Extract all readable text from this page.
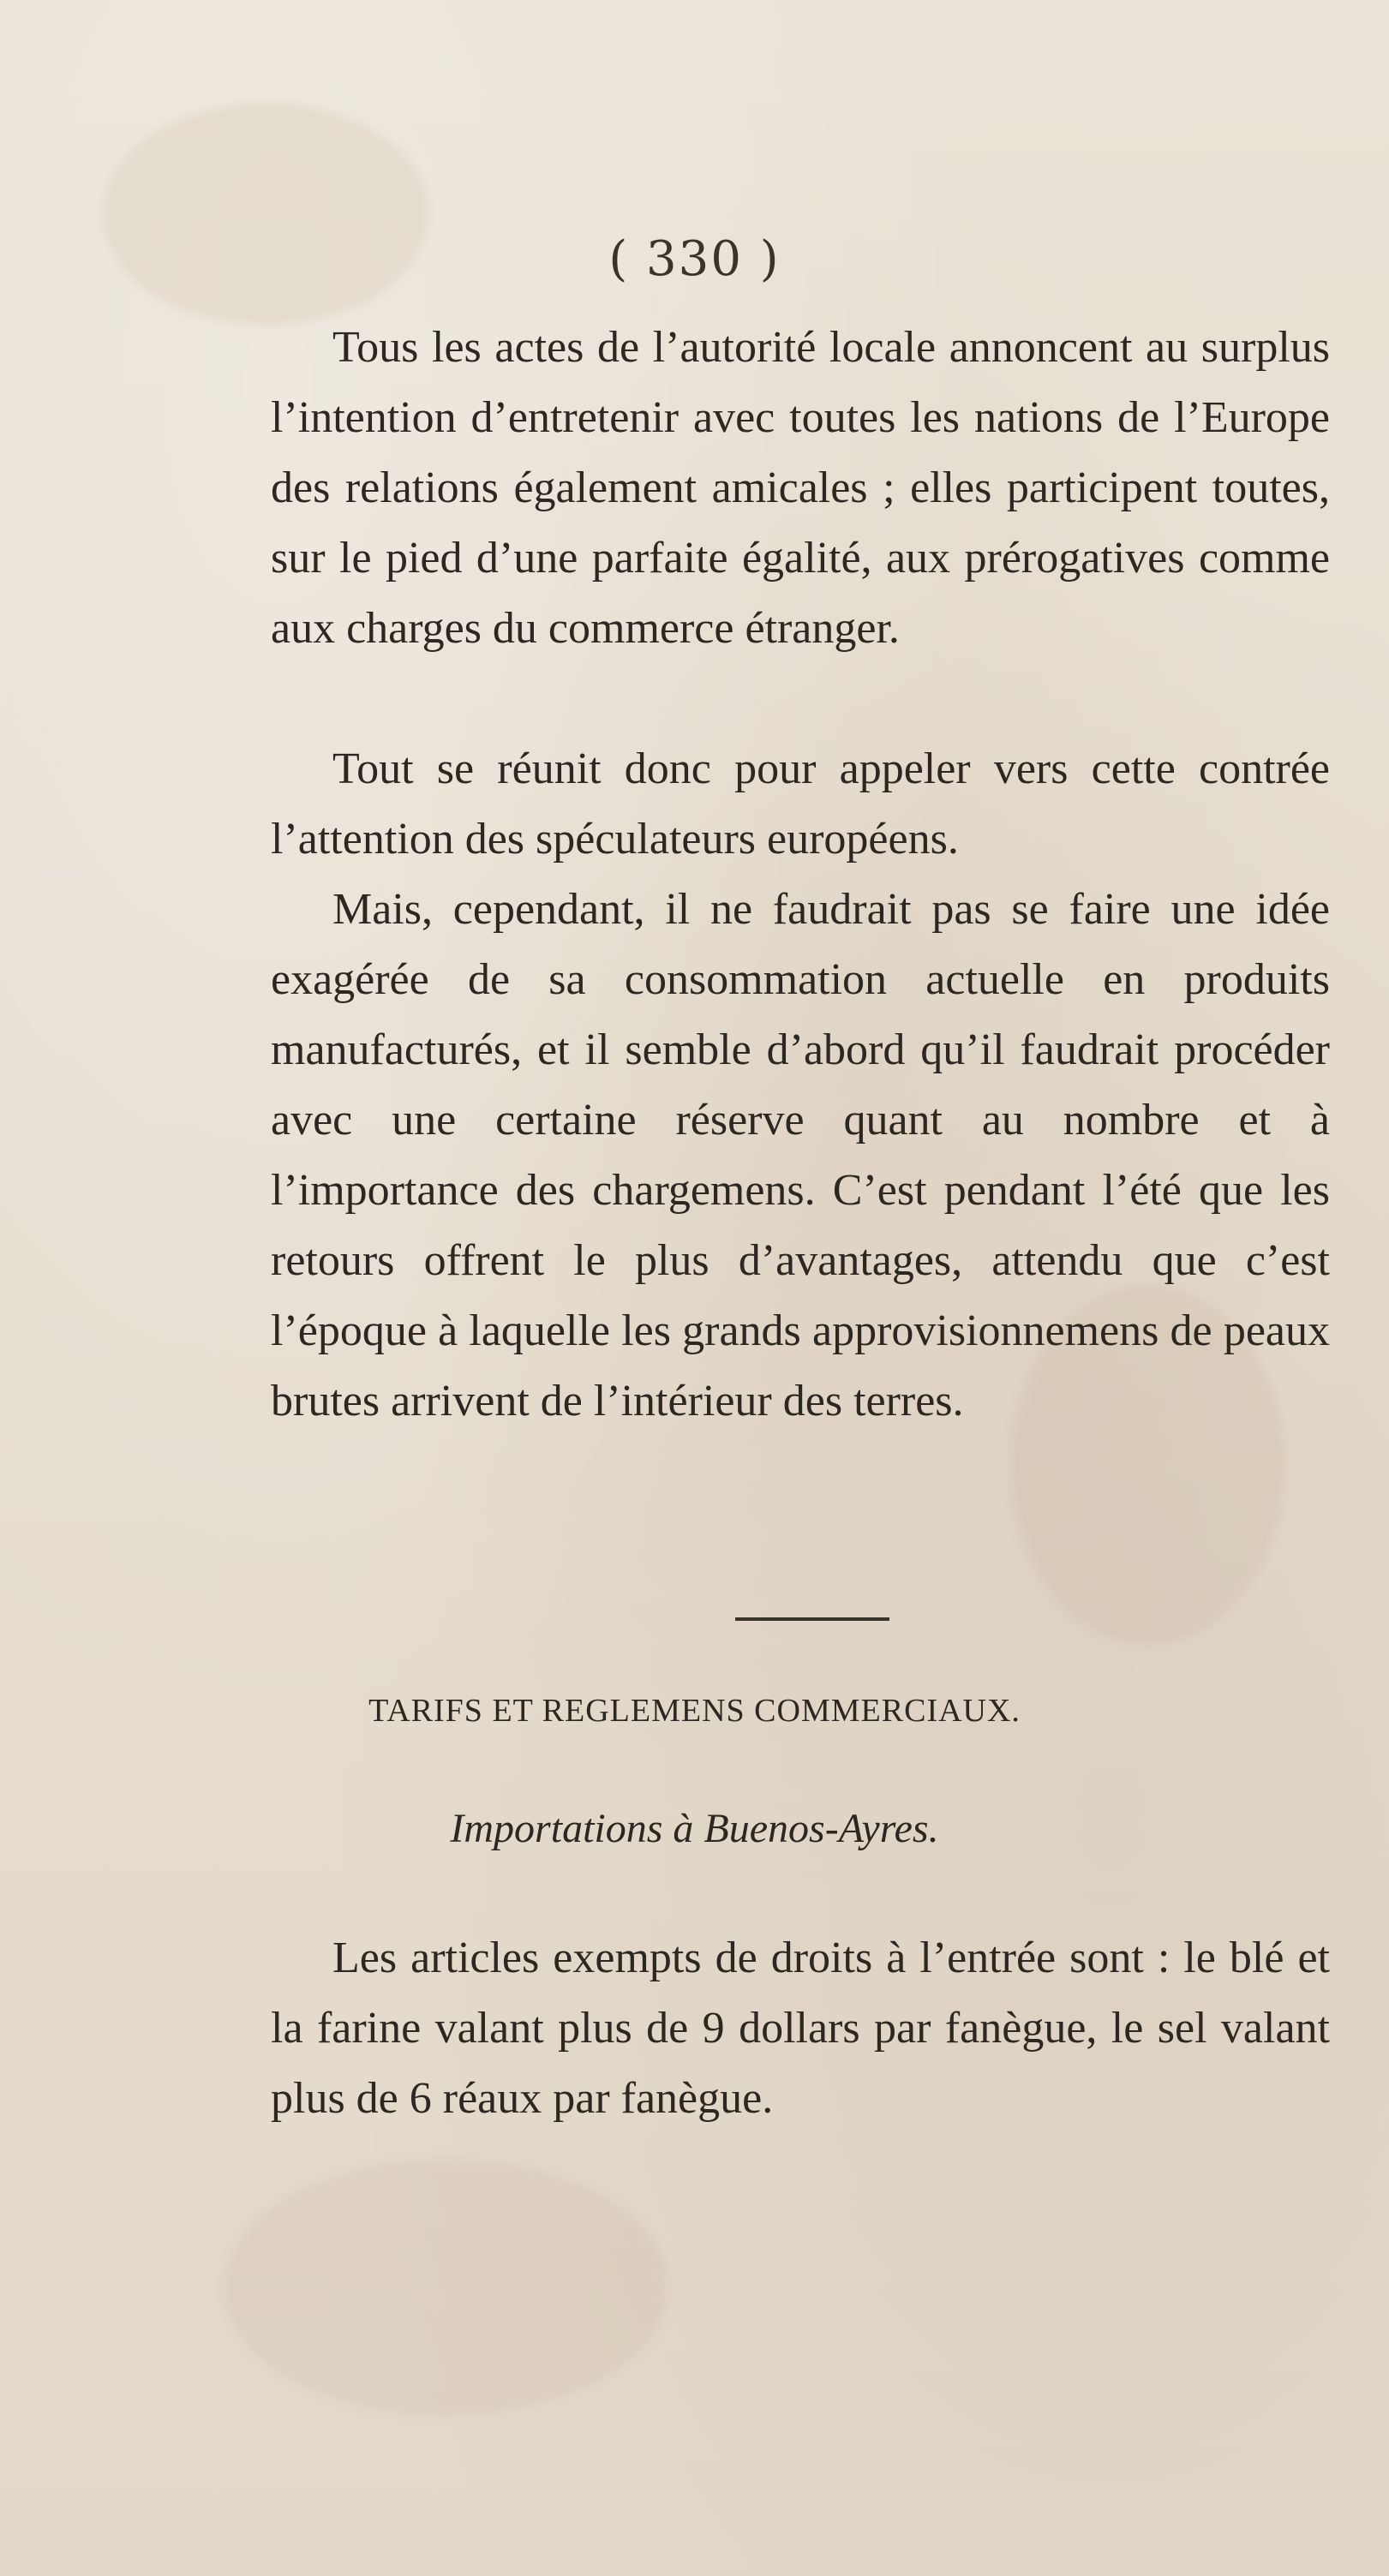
( 330 )

Tous les actes de l’autorité locale annoncent au surplus l’intention d’entretenir avec toutes les nations de l’Europe des relations également amicales ; elles participent toutes, sur le pied d’une parfaite égalité, aux prérogatives comme aux charges du commerce étranger.

Tout se réunit donc pour appeler vers cette contrée l’attention des spéculateurs européens.

Mais, cependant, il ne faudrait pas se faire une idée exagérée de sa consommation actuelle en produits manufacturés, et il semble d’abord qu’il faudrait procéder avec une certaine réserve quant au nombre et à l’importance des chargemens. C’est pendant l’été que les retours offrent le plus d’avantages, attendu que c’est l’époque à laquelle les grands approvisionnemens de peaux brutes arrivent de l’intérieur des terres.

TARIFS ET REGLEMENS COMMERCIAUX.
Importations à Buenos-Ayres.

Les articles exempts de droits à l’entrée sont : le blé et la farine valant plus de 9 dollars par fanègue, le sel valant plus de 6 réaux par fanègue.
